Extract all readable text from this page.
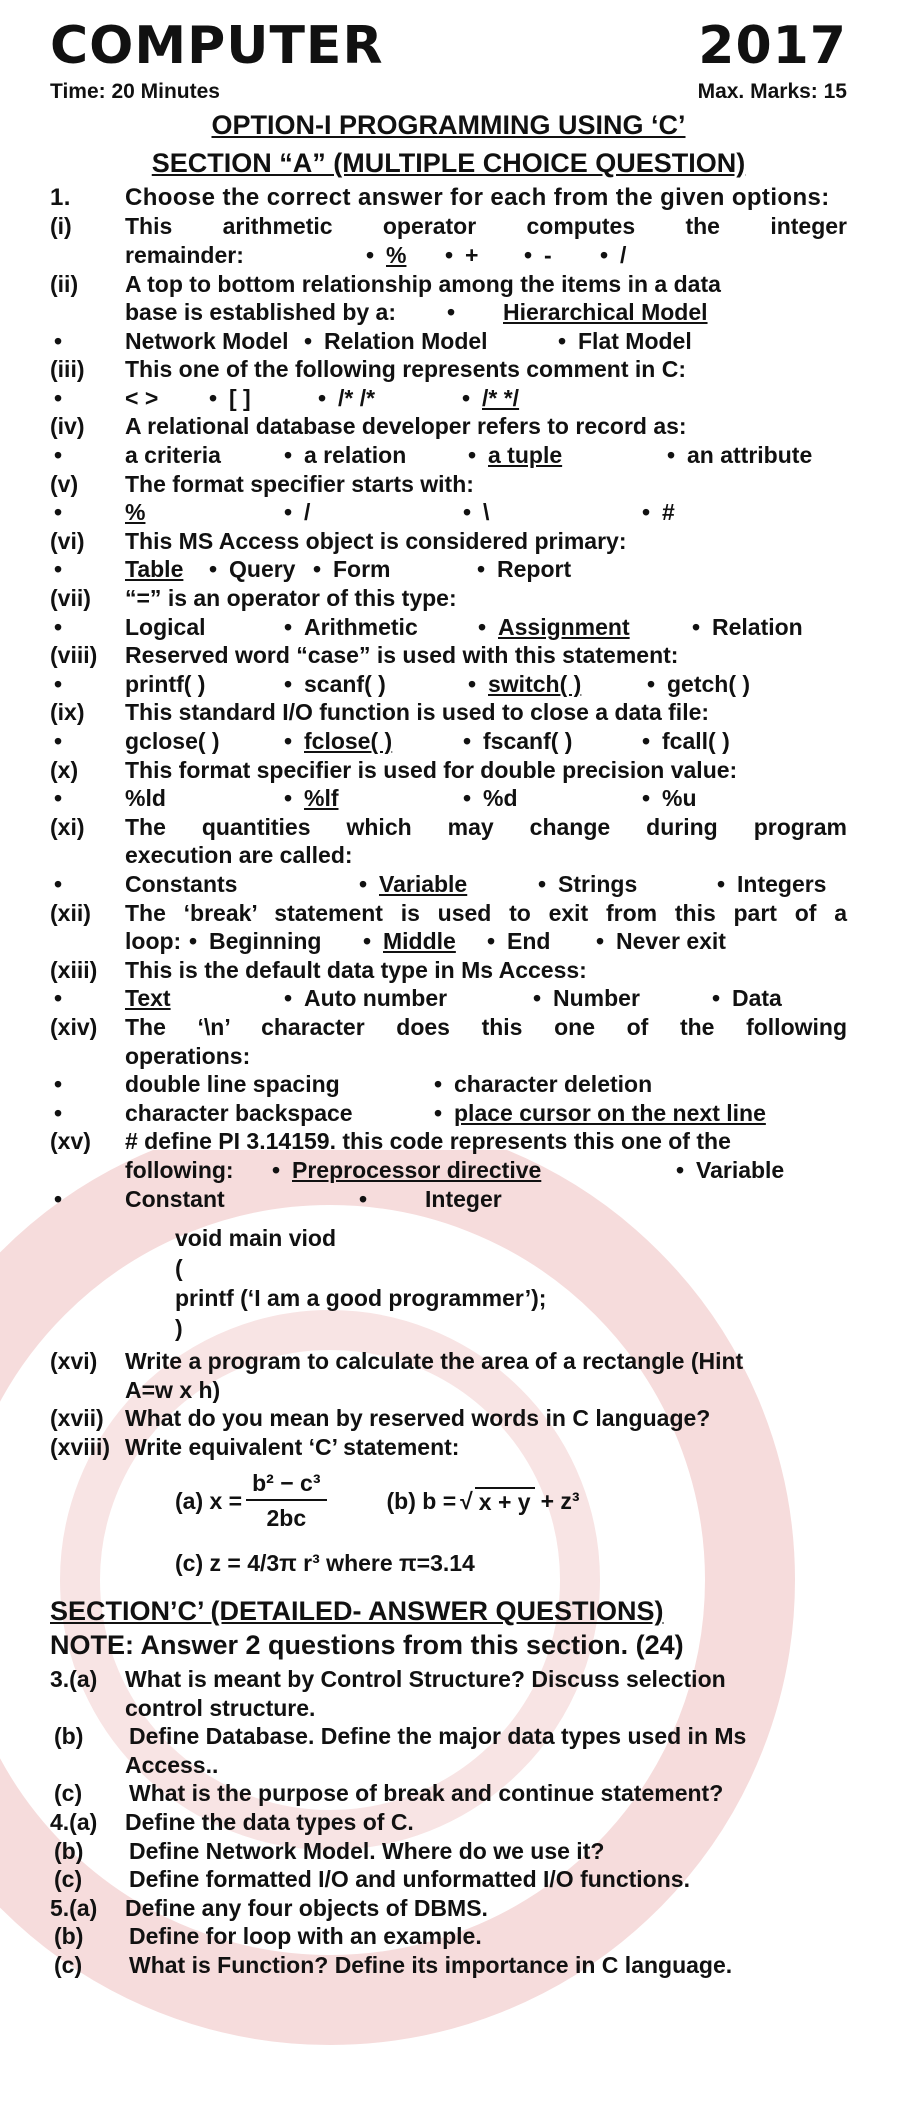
COMPUTER	2017
Time: 20 Minutes	Max. Marks: 15
OPTION-I PROGRAMMING USING ‘C’
SECTION “A” (MULTIPLE CHOICE QUESTION)
1.	Choose the correct answer for each from the given options:
(i)	This arithmetic operator computes the integer
remainder:	• %	• +	• -	• /
(ii)	A top to bottom relationship among the items in a data
base is established by a:	• Hierarchical Model
•	Network Model	• Relation Model	• Flat Model
(iii)	This one of the following represents comment in C:
•	< >	• [ ]	• /* /*	• /* */
(iv)	A relational database developer refers to record as:
•	a criteria	• a relation	• a tuple	• an attribute
(v)	The format specifier starts with:
•	%	• /	• \	• #
(vi)	This MS Access object is considered primary:
•	Table	• Query	• Form	• Report
(vii)	“=” is an operator of this type:
•	Logical	• Arithmetic	• Assignment	• Relation
(viii)	Reserved word “case” is used with this statement:
•	printf( )	• scanf( )	• switch( )	• getch( )
(ix)	This standard I/O function is used to close a data file:
•	gclose( )	• fclose( )	• fscanf( )	• fcall( )
(x)	This format specifier is used for double precision value:
•	%ld	• %lf	• %d	• %u
(xi)	The quantities which may change during program
execution are called:
•	Constants	• Variable	• Strings	• Integers
(xii)	The ‘break’ statement is used to exit from this part of a
loop:	• Beginning	• Middle	• End	• Never exit
(xiii)	This is the default data type in Ms Access:
•	Text	• Auto number	• Number	• Data
(xiv)	The ‘\n’ character does this one of the following
operations:
•	double line spacing	• character deletion
•	character backspace	• place cursor on the next line
(xv)	# define PI 3.14159. this code represents this one of the
following:	• Preprocessor directive	• Variable
•	Constant	• Integer
void main viod
(
printf (‘I am a good programmer’);
)
(xvi)	Write a program to calculate the area of a rectangle (Hint
A=w x h)
(xvii) What do you mean by reserved words in C language?
(xviii) Write equivalent ‘C’ statement:
(a) $x = \frac{\text{b² − c³}}{2bc}$	(b) b = √ x + y + z³
(c) z = 4/3π r³ where π=3.14
SECTION’C’ (DETAILED- ANSWER QUESTIONS)
NOTE: Answer 2 questions from this section. (24)
3.(a)	What is meant by Control Structure? Discuss selection
control structure.
(b)	Define Database. Define the major data types used in Ms
Access..
(c)	What is the purpose of break and continue statement?
4.(a)	Define the data types of C.
(b)	Define Network Model. Where do we use it?
(c)	Define formatted I/O and unformatted I/O functions.
5.(a)	Define any four objects of DBMS.
(b)	Define for loop with an example.
(c)	What is Function? Define its importance in C language.
